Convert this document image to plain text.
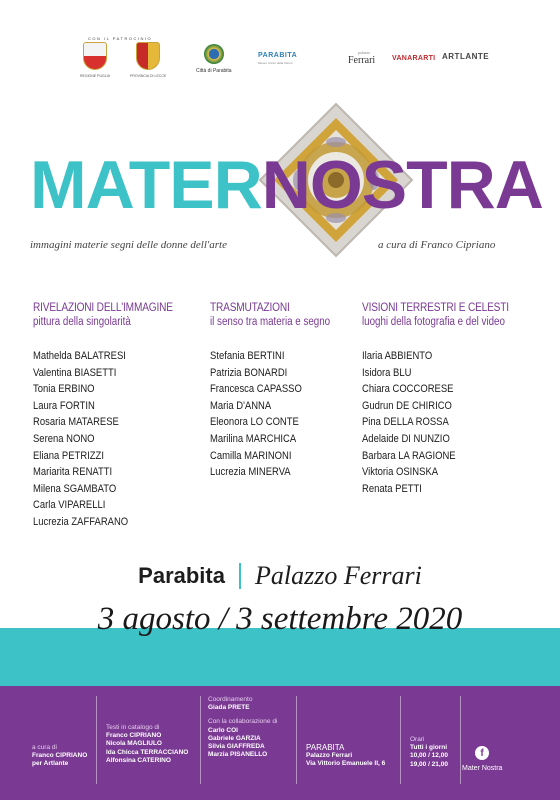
CON IL PATROCINIO
REGIONE PUGLIA	PROVINCIA DI LECCE
Città di Parabita
PARABITA
Museo Civico della Veneri
palazzo
Ferrari VANARARTI ARTLANTE
MATERNOSTRA
immagini materie segni delle donne dell'arte	a cura di Franco Cipriano
RIVELAZIONI DELL'IMMAGINE
pittura della singolarità
Mathelda BALATRESI
Valentina BIASETTI
Tonia ERBINO
Laura FORTIN
Rosaria MATARESE
Serena NONO
Eliana PETRIZZI
Mariarita RENATTI
Milena SGAMBATO
Carla VIPARELLI
Lucrezia ZAFFARANO
TRASMUTAZIONI
il senso tra materia e segno
Stefania BERTINI
Patrizia BONARDI
Francesca CAPASSO
Maria D'ANNA
Eleonora LO CONTE
Marilina MARCHICA
Camilla MARINONI
Lucrezia MINERVA
VISIONI TERRESTRI E CELESTI
luoghi della fotografia e del video
Ilaria ABBIENTO
Isidora BLU
Chiara COCCORESE
Gudrun DE CHIRICO
Pina DELLA ROSSA
Adelaide DI NUNZIO
Barbara LA RAGIONE
Viktoria OSINSKA
Renata PETTI
Parabita Palazzo Ferrari
3 agosto / 3 settembre 2020
a cura di
Franco CIPRIANO
per Artlante
Testi in catalogo di
Franco CIPRIANO
Nicola MAGLIULO
Ida Chicca TERRACCIANO
Alfonsina CATERINO
Coordinamento
Giada PRETE
Con la collaborazione di
Carlo COI
Gabriele GARZIA
Silvia GIAFFREDA
Marzia PISANELLO
PARABITA
Palazzo Ferrari
Via Vittorio Emanuele II, 6
Orari
Tutti i giorni
10,00 / 12,00
19,00 / 21,00
f
Mater Nostra
